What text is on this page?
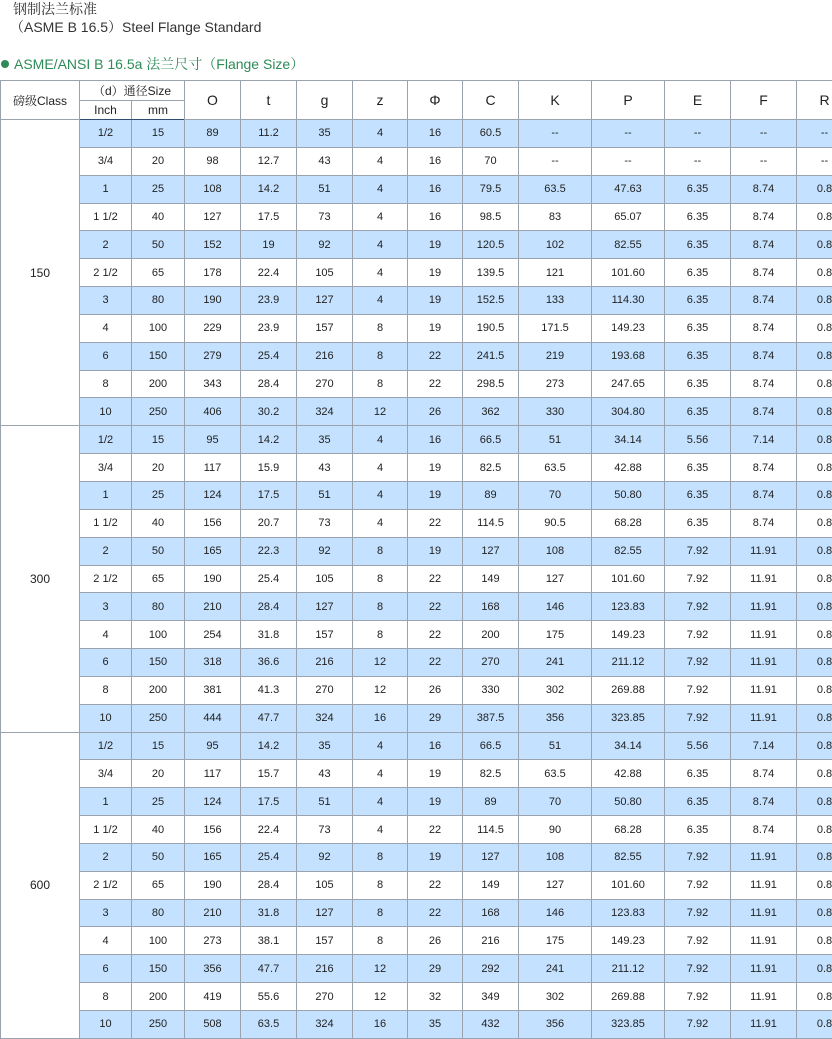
钢制法兰标准
（ASME B 16.5）Steel Flange Standard
ASME/ANSI B 16.5a 法兰尺寸（Flange Size）
磅级Class	（d）通径Size		O	t	g	z	Φ	C	K	P	E	F	R
	Inch	mm											
150	1/2	15	89	11.2	35	4	16	60.5	--	--	--	--	--
	3/4	20	98	12.7	43	4	16	70	--	--	--	--	--
	1	25	108	14.2	51	4	16	79.5	63.5	47.63	6.35	8.74	0.8
	1 1/2	40	127	17.5	73	4	16	98.5	83	65.07	6.35	8.74	0.8
	2	50	152	19	92	4	19	120.5	102	82.55	6.35	8.74	0.8
	2 1/2	65	178	22.4	105	4	19	139.5	121	101.60	6.35	8.74	0.8
	3	80	190	23.9	127	4	19	152.5	133	114.30	6.35	8.74	0.8
	4	100	229	23.9	157	8	19	190.5	171.5	149.23	6.35	8.74	0.8
	6	150	279	25.4	216	8	22	241.5	219	193.68	6.35	8.74	0.8
	8	200	343	28.4	270	8	22	298.5	273	247.65	6.35	8.74	0.8
	10	250	406	30.2	324	12	26	362	330	304.80	6.35	8.74	0.8
300	1/2	15	95	14.2	35	4	16	66.5	51	34.14	5.56	7.14	0.8
	3/4	20	117	15.9	43	4	19	82.5	63.5	42.88	6.35	8.74	0.8
	1	25	124	17.5	51	4	19	89	70	50.80	6.35	8.74	0.8
	1 1/2	40	156	20.7	73	4	22	114.5	90.5	68.28	6.35	8.74	0.8
	2	50	165	22.3	92	8	19	127	108	82.55	7.92	11.91	0.8
	2 1/2	65	190	25.4	105	8	22	149	127	101.60	7.92	11.91	0.8
	3	80	210	28.4	127	8	22	168	146	123.83	7.92	11.91	0.8
	4	100	254	31.8	157	8	22	200	175	149.23	7.92	11.91	0.8
	6	150	318	36.6	216	12	22	270	241	211.12	7.92	11.91	0.8
	8	200	381	41.3	270	12	26	330	302	269.88	7.92	11.91	0.8
	10	250	444	47.7	324	16	29	387.5	356	323.85	7.92	11.91	0.8
600	1/2	15	95	14.2	35	4	16	66.5	51	34.14	5.56	7.14	0.8
	3/4	20	117	15.7	43	4	19	82.5	63.5	42.88	6.35	8.74	0.8
	1	25	124	17.5	51	4	19	89	70	50.80	6.35	8.74	0.8
	1 1/2	40	156	22.4	73	4	22	114.5	90	68.28	6.35	8.74	0.8
	2	50	165	25.4	92	8	19	127	108	82.55	7.92	11.91	0.8
	2 1/2	65	190	28.4	105	8	22	149	127	101.60	7.92	11.91	0.8
	3	80	210	31.8	127	8	22	168	146	123.83	7.92	11.91	0.8
	4	100	273	38.1	157	8	26	216	175	149.23	7.92	11.91	0.8
	6	150	356	47.7	216	12	29	292	241	211.12	7.92	11.91	0.8
	8	200	419	55.6	270	12	32	349	302	269.88	7.92	11.91	0.8
	10	250	508	63.5	324	16	35	432	356	323.85	7.92	11.91	0.8
